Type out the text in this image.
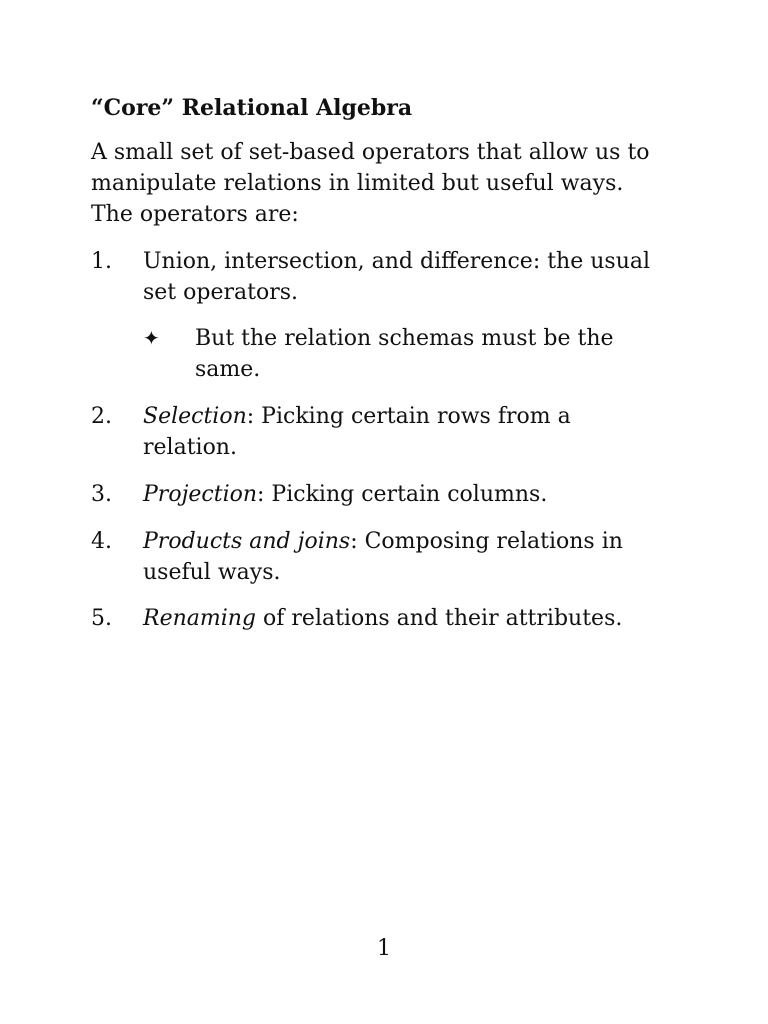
“Core” Relational Algebra
A small set of set-based operators that allow us to
manipulate relations in limited but useful ways.
The operators are:
1. Union, intersection, and difference: the usual
set operators.
✦ But the relation schemas must be the
same.
2. Selection: Picking certain rows from a
relation.
3. Projection: Picking certain columns.
4. Products and joins: Composing relations in
useful ways.
5. Renaming of relations and their attributes.
1
